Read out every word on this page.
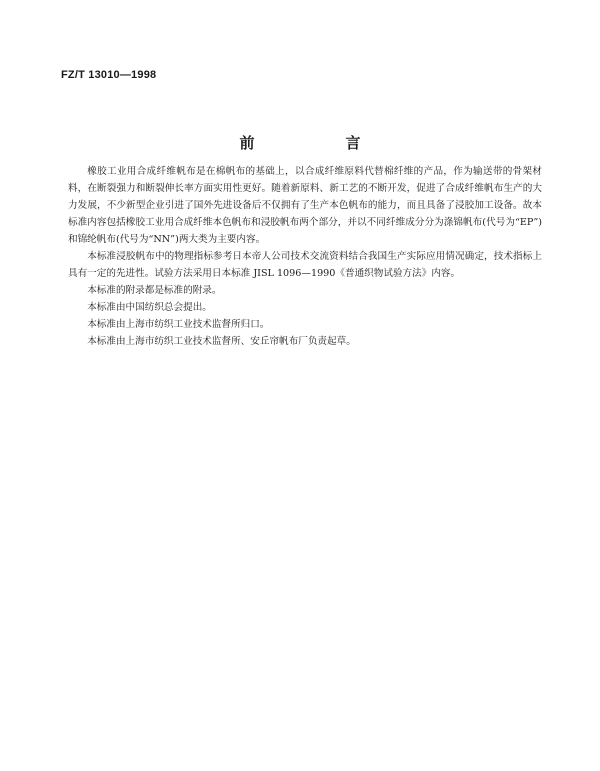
FZ/T 13010—1998
前　言

橡胶工业用合成纤维帆布是在棉帆布的基础上，以合成纤维原料代替棉纤维的产品，作为输送带的骨架材料，在断裂强力和断裂伸长率方面实用性更好。随着新原料、新工艺的不断开发，促进了合成纤维帆布生产的大力发展，不少新型企业引进了国外先进设备后不仅拥有了生产本色帆布的能力，而且具备了浸胶加工设备。故本标准内容包括橡胶工业用合成纤维本色帆布和浸胶帆布两个部分，并以不同纤维成分分为涤锦帆布(代号为“EP”)和锦纶帆布(代号为“NN”)两大类为主要内容。

本标准浸胶帆布中的物理指标参考日本帝人公司技术交流资料结合我国生产实际应用情况确定，技术指标上具有一定的先进性。试验方法采用日本标准 JISL 1096—1990《普通织物试验方法》内容。

本标准的附录都是标准的附录。

本标准由中国纺织总会提出。

本标准由上海市纺织工业技术监督所归口。

本标准由上海市纺织工业技术监督所、安丘帘帆布厂负责起草。
